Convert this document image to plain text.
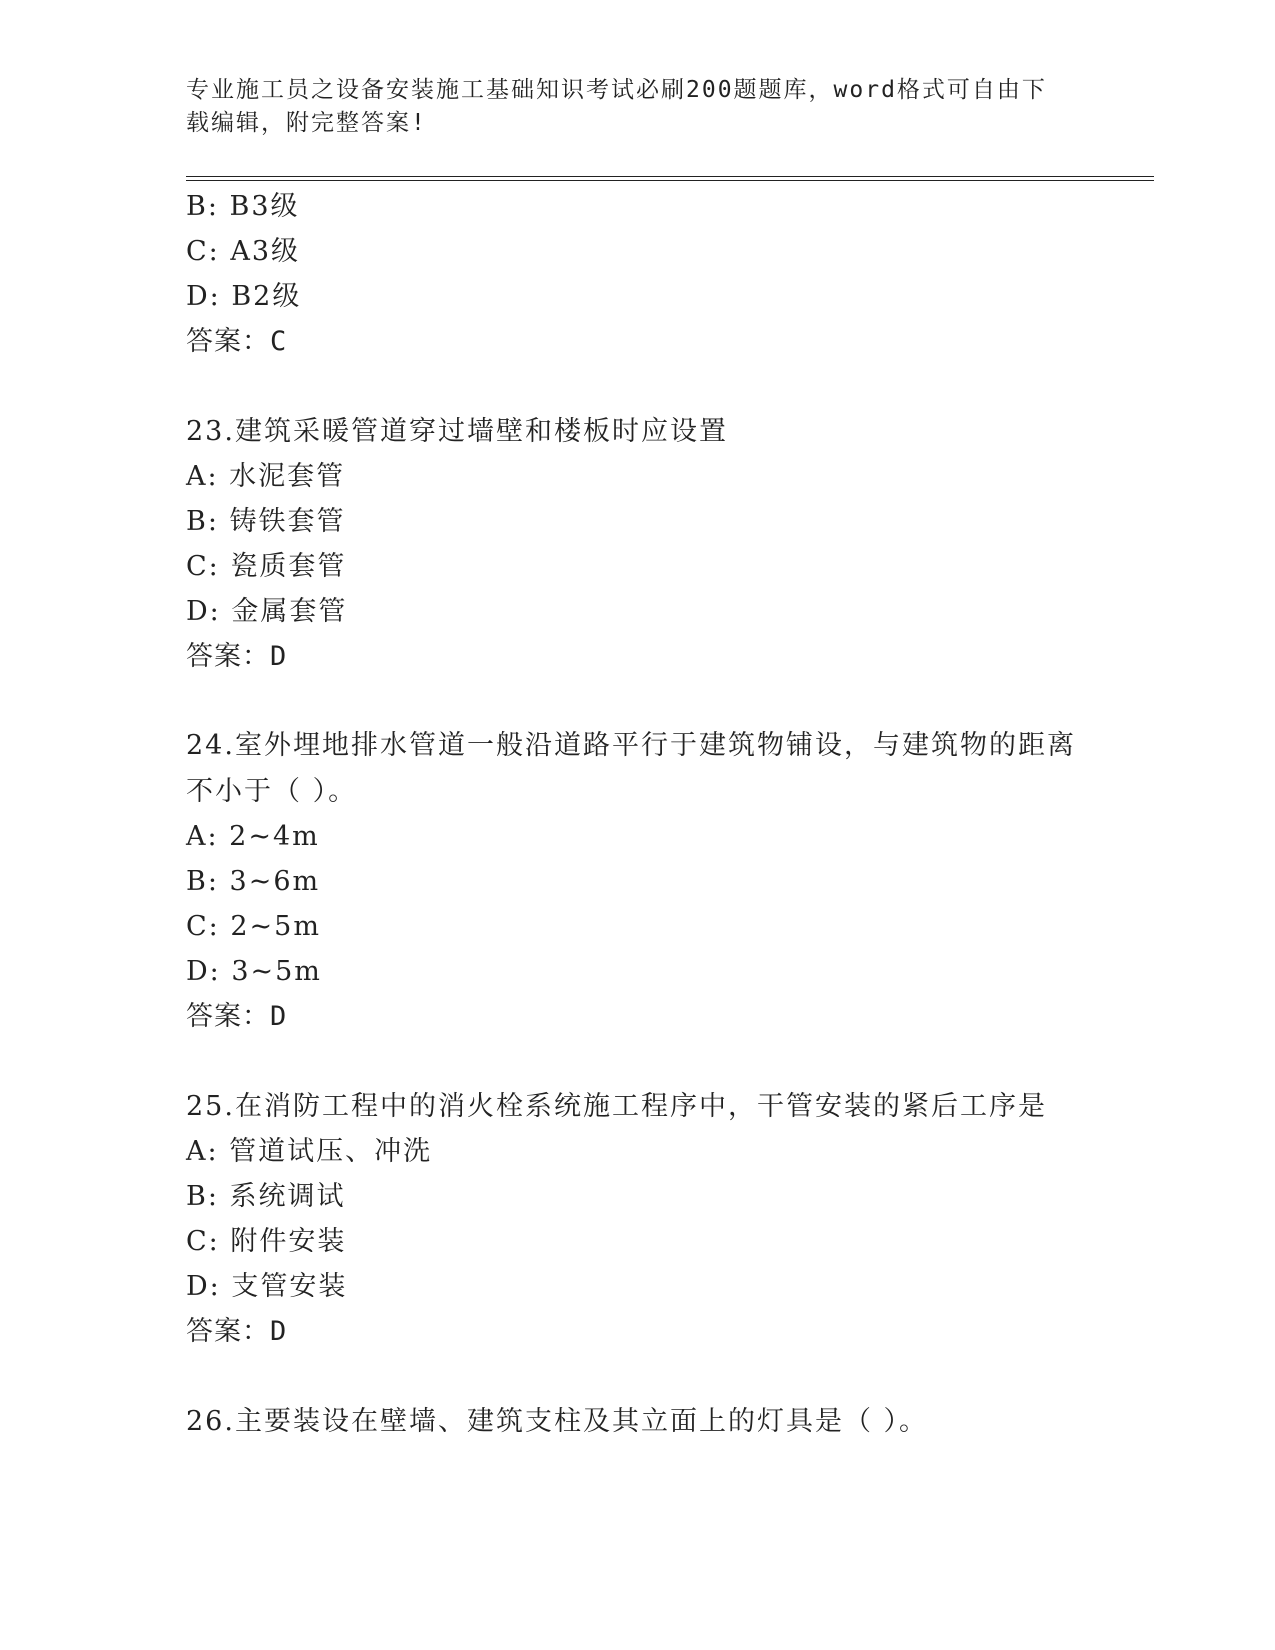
专业施工员之设备安装施工基础知识考试必刷200题题库，word格式可自由下载编辑，附完整答案!
B: B3级
C: A3级
D: B2级
答案：C
23.建筑采暖管道穿过墙壁和楼板时应设置
A: 水泥套管
B: 铸铁套管
C: 瓷质套管
D: 金属套管
答案：D
24.室外埋地排水管道一般沿道路平行于建筑物铺设，与建筑物的距离不小于（ ）。
A: 2~4m
B: 3~6m
C: 2~5m
D: 3~5m
答案：D
25.在消防工程中的消火栓系统施工程序中，干管安装的紧后工序是
A: 管道试压、冲洗
B: 系统调试
C: 附件安装
D: 支管安装
答案：D
26.主要装设在壁墙、建筑支柱及其立面上的灯具是（ ）。
